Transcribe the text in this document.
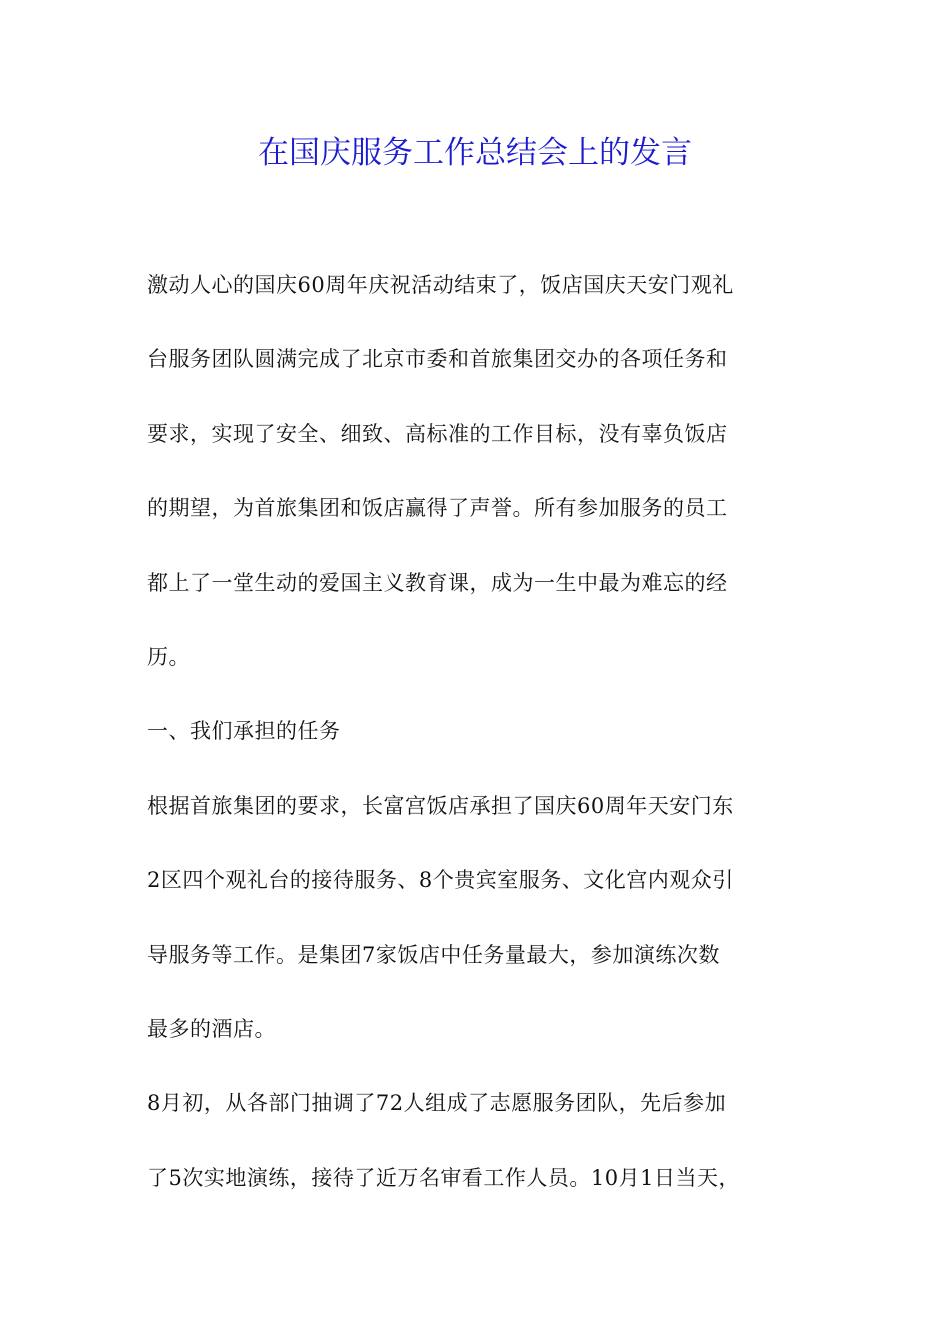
在国庆服务工作总结会上的发言
激动人心的国庆60周年庆祝活动结束了，饭店国庆天安门观礼
台服务团队圆满完成了北京市委和首旅集团交办的各项任务和
要求，实现了安全、细致、高标准的工作目标，没有辜负饭店
的期望，为首旅集团和饭店赢得了声誉。所有参加服务的员工
都上了一堂生动的爱国主义教育课，成为一生中最为难忘的经
历。
一、我们承担的任务
根据首旅集团的要求，长富宫饭店承担了国庆60周年天安门东
2区四个观礼台的接待服务、8个贵宾室服务、文化宫内观众引
导服务等工作。是集团7家饭店中任务量最大，参加演练次数
最多的酒店。
8月初，从各部门抽调了72人组成了志愿服务团队，先后参加
了5次实地演练，接待了近万名审看工作人员。10月1日当天，
